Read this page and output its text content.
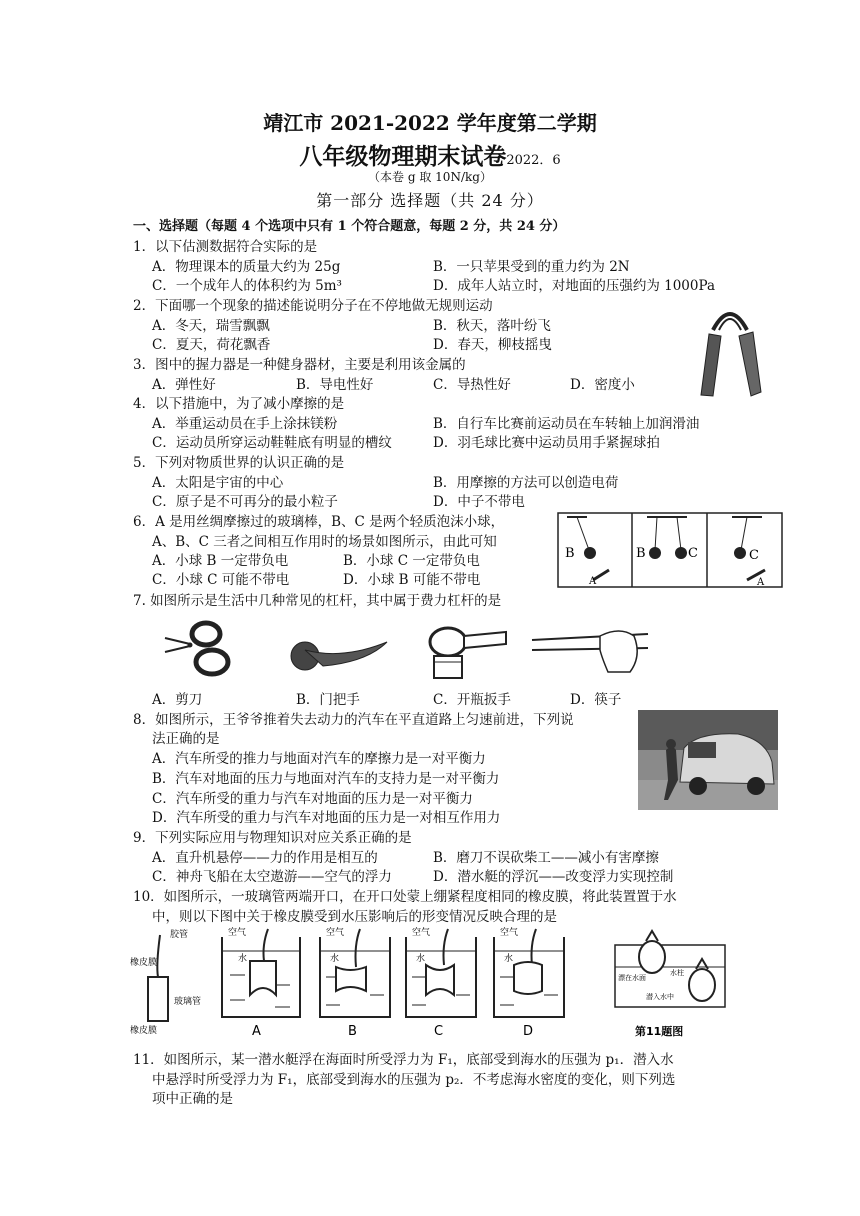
靖江市 2021-2022 学年度第二学期
八年级物理期末试卷2022．6
（本卷 g 取 10N/kg）
第一部分 选择题（共 24 分）
一、选择题（每题 4 个选项中只有 1 个符合题意，每题 2 分，共 24 分）
1．以下估测数据符合实际的是
A．物理课本的质量大约为 25g	B．一只苹果受到的重力约为 2N
C．一个成年人的体积约为 5m³	D．成年人站立时，对地面的压强约为 1000Pa
2．下面哪一个现象的描述能说明分子在不停地做无规则运动
A．冬天，瑞雪飘飘	B．秋天，落叶纷飞
C．夏天，荷花飘香	D．春天，柳枝摇曳
3．图中的握力器是一种健身器材，主要是利用该金属的
A．弹性好	B．导电性好	C．导热性好	D．密度小
4．以下措施中，为了减小摩擦的是
A．举重运动员在手上涂抹镁粉	B．自行车比赛前运动员在车转轴上加润滑油
C．运动员所穿运动鞋鞋底有明显的槽纹	D．羽毛球比赛中运动员用手紧握球拍
5．下列对物质世界的认识正确的是
A．太阳是宇宙的中心	B．用摩擦的方法可以创造电荷
C．原子是不可再分的最小粒子	D．中子不带电
6．A 是用丝绸摩擦过的玻璃棒，B、C 是两个轻质泡沫小球，
A、B、C 三者之间相互作用时的场景如图所示，由此可知
A．小球 B 一定带负电	B．小球 C 一定带负电
C．小球 C 可能不带电	D．小球 B 可能不带电
B
A
B	C	C
A
7. 如图所示是生活中几种常见的杠杆，其中属于费力杠杆的是
A．剪刀	B．门把手	C．开瓶扳手	D．筷子
8．如图所示，王爷爷推着失去动力的汽车在平直道路上匀速前进，下列说
法正确的是
A．汽车所受的推力与地面对汽车的摩擦力是一对平衡力
B．汽车对地面的压力与地面对汽车的支持力是一对平衡力
C．汽车所受的重力与汽车对地面的压力是一对平衡力
D．汽车所受的重力与汽车对地面的压力是一对相互作用力
9．下列实际应用与物理知识对应关系正确的是
A．直升机悬停——力的作用是相互的	B．磨刀不误砍柴工——减小有害摩擦
C．神舟飞船在太空遨游——空气的浮力	D．潜水艇的浮沉——改变浮力实现控制
10．如图所示，一玻璃管两端开口，在开口处蒙上绷紧程度相同的橡皮膜，将此装置置于水
中，则以下图中关于橡皮膜受到水压影响后的形变情况反映合理的是
胶管
橡皮膜
玻璃管
橡皮膜
空气
水
A
空气
水
B
空气
水
C
空气
水
D
漂在水面
水柱
潜入水中
第11题图
11．如图所示，某一潜水艇浮在海面时所受浮力为 F₁，底部受到海水的压强为 p₁．潜入水
中悬浮时所受浮力为 F₁，底部受到海水的压强为 p₂．不考虑海水密度的变化，则下列选
项中正确的是
